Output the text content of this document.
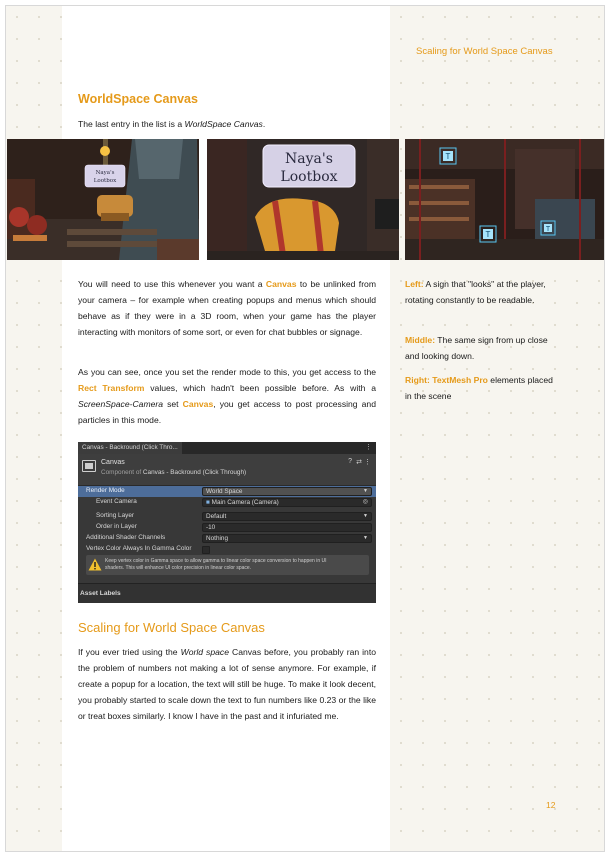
Scaling for World Space Canvas
WorldSpace Canvas
The last entry in the list is a WorldSpace Canvas.
Naya's
Lootbox
Naya's
Lootbox
T
T
T
You will need to use this whenever you want a Canvas to be unlinked from your camera – for example when creating popups and menus which should behave as if they were in a 3D room, when your game has the player interacting with monitors of some sort, or even for chat bubbles or signage.
As you can see, once you set the render mode to this, you get access to the Rect Transform values, which hadn't been possible before. As with a ScreenSpace-Camera set Canvas, you get access to post processing and particles in this mode.
Left: A sign that "looks" at the player, rotating constantly to be readable.
Middle: The same sign from up close and looking down.
Right: TextMesh Pro elements placed in the scene
Canvas - Backround (Click Thro...	⋮
Canvas
Component of Canvas - Backround (Click Through)
? ⇄ ⋮
Render Mode	World Space	▼
Event Camera	■ Main Camera (Camera)	◎
Sorting Layer	Default	▼
Order in Layer	-10
Additional Shader Channels	Nothing	▼
Vertex Color Always In Gamma Color
Keep vertex color in Gamma space to allow gamma to linear color space conversion to happen in UI
shaders. This will enhance UI color precision in linear color space.
Asset Labels
Scaling for World Space Canvas
If you ever tried using the World space Canvas before, you probably ran into the problem of numbers not making a lot of sense anymore. For example, if create a popup for a location, the text will still be huge. To make it look decent, you probably started to scale down the text to fun numbers like 0.23 or the like or treat boxes similarly. I know I have in the past and it infuriated me.
12
